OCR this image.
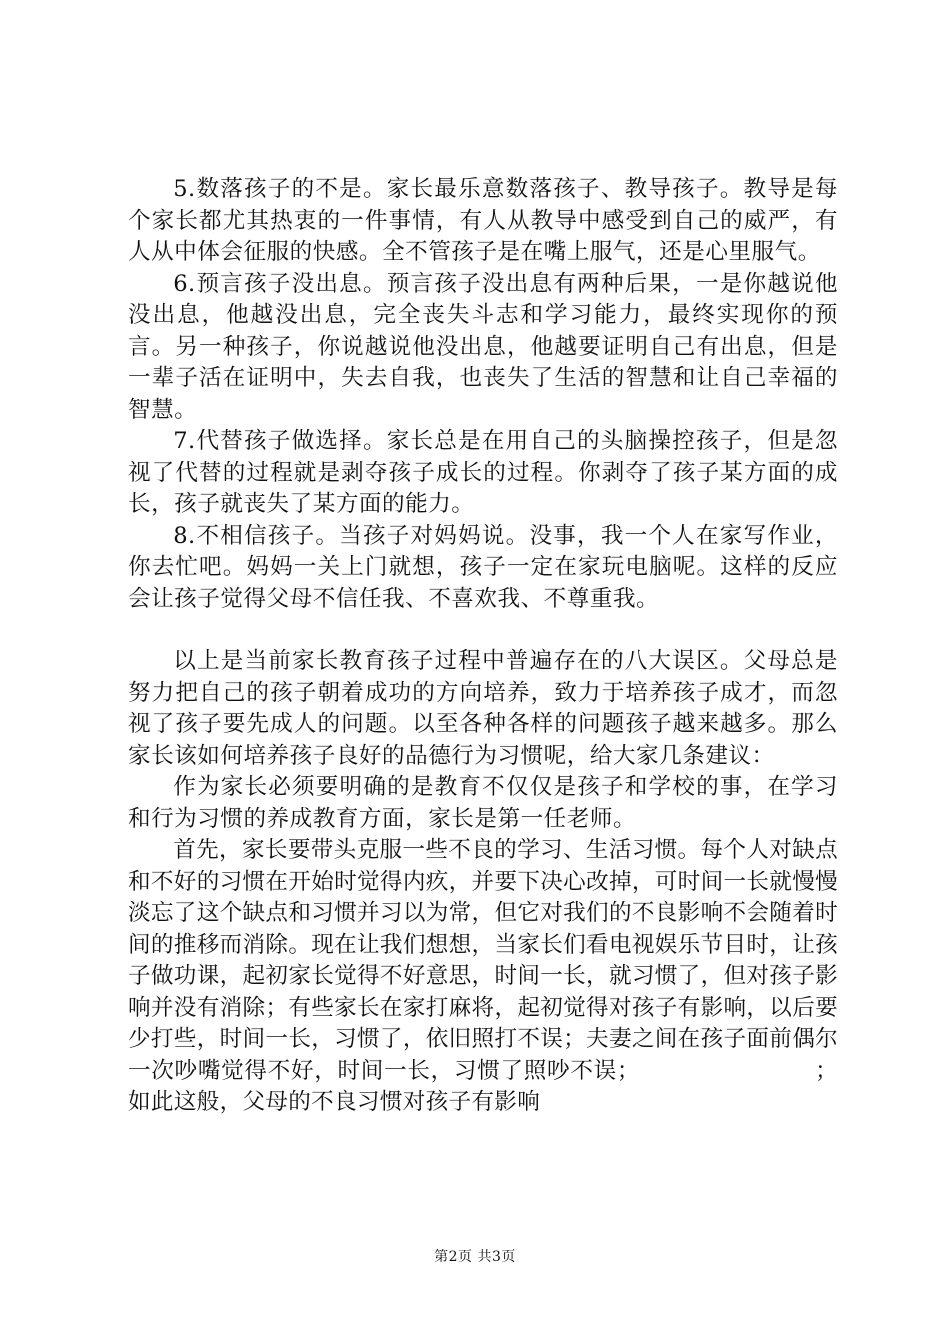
5.数落孩子的不是。家长最乐意数落孩子、教导孩子。教导是每个家长都尤其热衷的一件事情，有人从教导中感受到自己的威严，有人从中体会征服的快感。全不管孩子是在嘴上服气，还是心里服气。

6.预言孩子没出息。预言孩子没出息有两种后果，一是你越说他没出息，他越没出息，完全丧失斗志和学习能力，最终实现你的预言。另一种孩子，你说越说他没出息，他越要证明自己有出息，但是一辈子活在证明中，失去自我，也丧失了生活的智慧和让自己幸福的智慧。

7.代替孩子做选择。家长总是在用自己的头脑操控孩子，但是忽视了代替的过程就是剥夺孩子成长的过程。你剥夺了孩子某方面的成长，孩子就丧失了某方面的能力。

8.不相信孩子。当孩子对妈妈说。没事，我一个人在家写作业，你去忙吧。妈妈一关上门就想，孩子一定在家玩电脑呢。这样的反应会让孩子觉得父母不信任我、不喜欢我、不尊重我。

以上是当前家长教育孩子过程中普遍存在的八大误区。父母总是努力把自己的孩子朝着成功的方向培养，致力于培养孩子成才，而忽视了孩子要先成人的问题。以至各种各样的问题孩子越来越多。那么家长该如何培养孩子良好的品德行为习惯呢，给大家几条建议：

作为家长必须要明确的是教育不仅仅是孩子和学校的事，在学习和行为习惯的养成教育方面，家长是第一任老师。

首先，家长要带头克服一些不良的学习、生活习惯。每个人对缺点和不好的习惯在开始时觉得内疚，并要下决心改掉，可时间一长就慢慢淡忘了这个缺点和习惯并习以为常，但它对我们的不良影响不会随着时间的推移而消除。现在让我们想想，当家长们看电视娱乐节目时，让孩子做功课，起初家长觉得不好意思，时间一长，就习惯了，但对孩子影响并没有消除；有些家长在家打麻将，起初觉得对孩子有影响，以后要少打些，时间一长，习惯了，依旧照打不误；夫妻之间在孩子面前偶尔一次吵嘴觉得不好，时间一长，习惯了照吵不误；　　　　　　　　；如此这般，父母的不良习惯对孩子有影响

第2页 共3页
